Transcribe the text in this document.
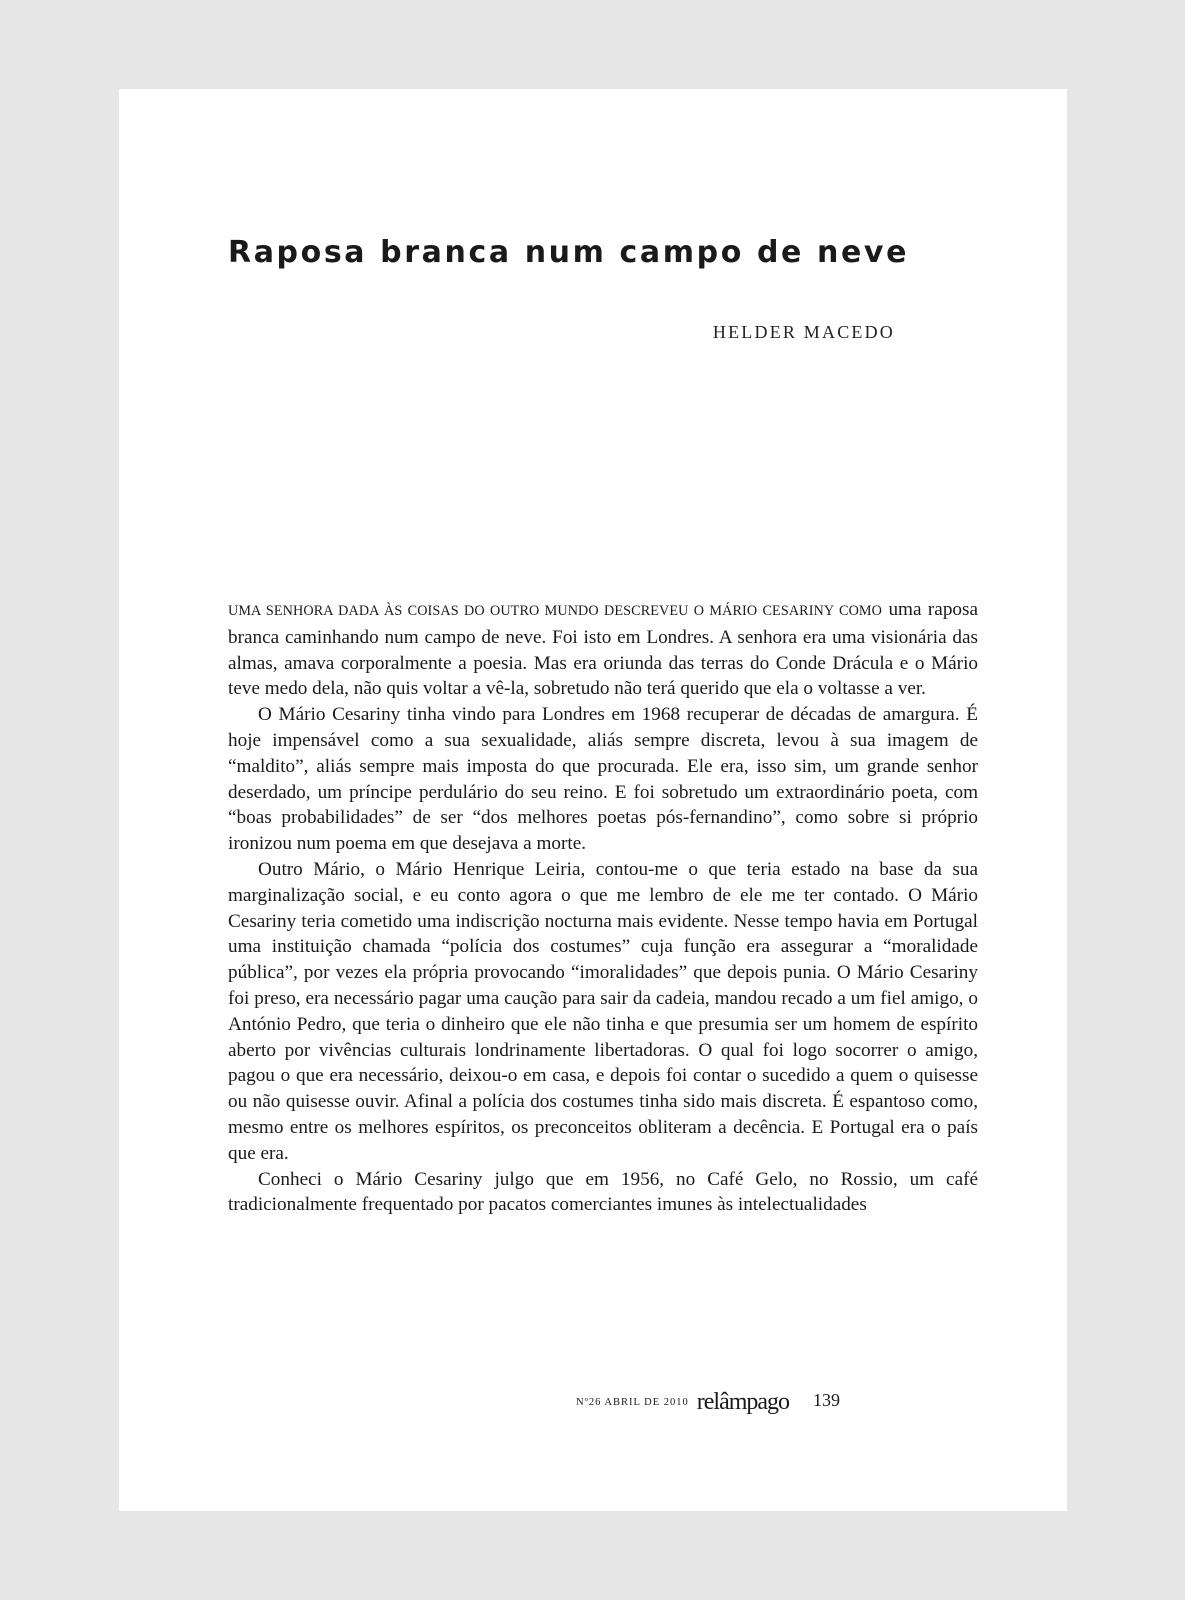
Raposa branca num campo de neve
HELDER MACEDO

UMA SENHORA DADA ÀS COISAS DO OUTRO MUNDO DESCREVEU O MÁRIO CESARINY COMO uma raposa branca caminhando num campo de neve. Foi isto em Londres. A senhora era uma visionária das almas, amava corporalmente a poesia. Mas era oriunda das terras do Conde Drácula e o Mário teve medo dela, não quis voltar a vê-la, sobretudo não terá querido que ela o voltasse a ver.

O Mário Cesariny tinha vindo para Londres em 1968 recuperar de décadas de amargura. É hoje impensável como a sua sexualidade, aliás sempre discreta, levou à sua imagem de “maldito”, aliás sempre mais imposta do que procurada. Ele era, isso sim, um grande senhor deserdado, um príncipe perdulário do seu reino. E foi sobretudo um extraordinário poeta, com “boas probabilidades” de ser “dos melhores poetas pós-fernandino”, como sobre si próprio ironizou num poema em que desejava a morte.

Outro Mário, o Mário Henrique Leiria, contou-me o que teria estado na base da sua marginalização social, e eu conto agora o que me lembro de ele me ter contado. O Mário Cesariny teria cometido uma indiscrição nocturna mais evidente. Nesse tempo havia em Portugal uma instituição chamada “polícia dos costumes” cuja função era assegurar a “moralidade pública”, por vezes ela própria provocando “imoralidades” que depois punia. O Mário Cesariny foi preso, era necessário pagar uma caução para sair da cadeia, mandou recado a um fiel amigo, o António Pedro, que teria o dinheiro que ele não tinha e que presumia ser um homem de espírito aberto por vivências culturais londrinamente libertadoras. O qual foi logo socorrer o amigo, pagou o que era necessário, deixou-o em casa, e depois foi contar o sucedido a quem o quisesse ou não quisesse ouvir. Afinal a polícia dos costumes tinha sido mais discreta. É espantoso como, mesmo entre os melhores espíritos, os preconceitos obliteram a decência. E Portugal era o país que era.

Conheci o Mário Cesariny julgo que em 1956, no Café Gelo, no Rossio, um café tradicionalmente frequentado por pacatos comerciantes imunes às intelectualidades

$^{Nº26 ABRIL DE 2010}$ relâmpago 139
